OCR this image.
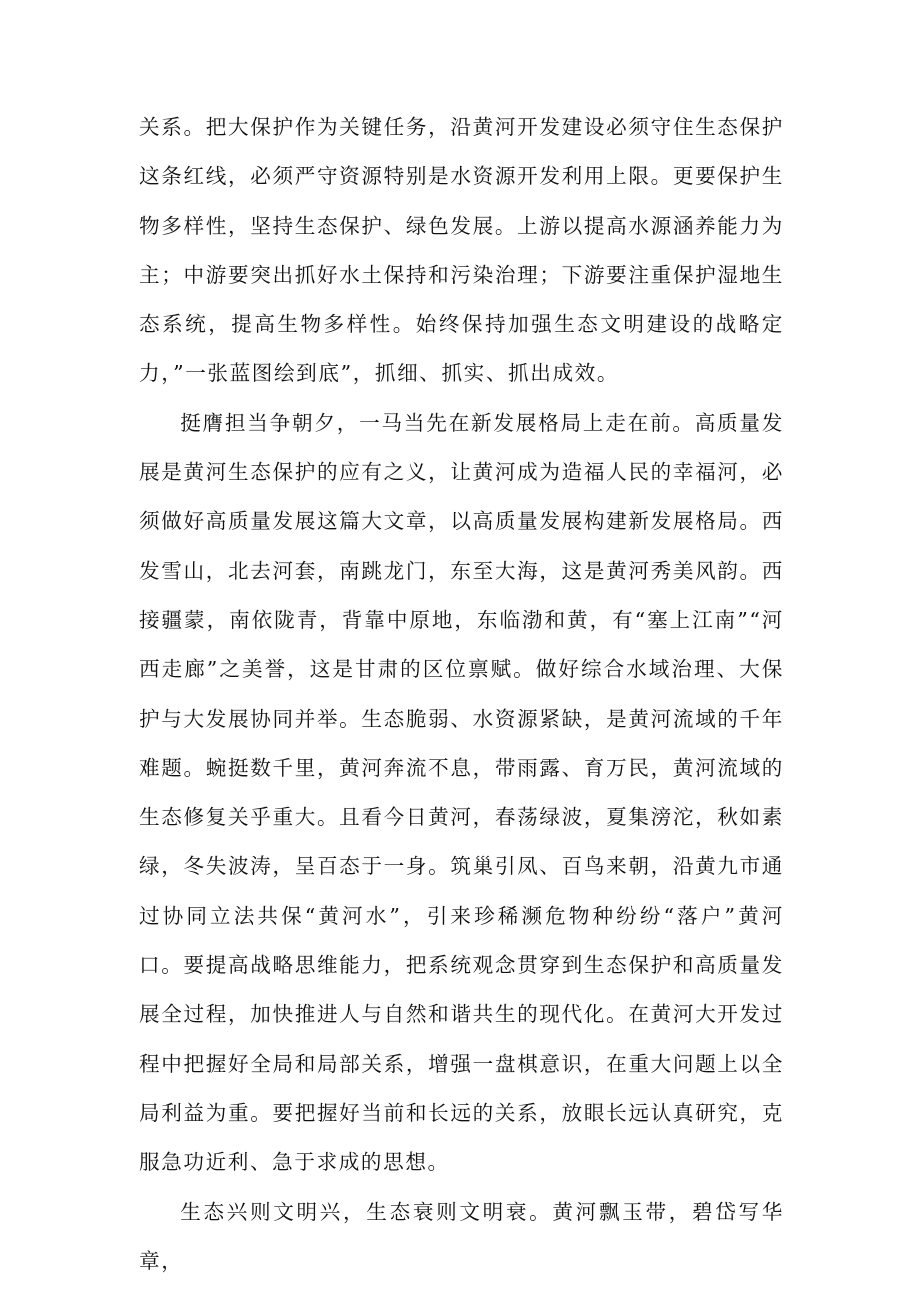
关系。把大保护作为关键任务，沿黄河开发建设必须守住生态保护这条红线，必须严守资源特别是水资源开发利用上限。更要保护生物多样性，坚持生态保护、绿色发展。上游以提高水源涵养能力为主；中游要突出抓好水土保持和污染治理；下游要注重保护湿地生态系统，提高生物多样性。始终保持加强生态文明建设的战略定力，”一张蓝图绘到底”，抓细、抓实、抓出成效。

挺膺担当争朝夕，一马当先在新发展格局上走在前。高质量发展是黄河生态保护的应有之义，让黄河成为造福人民的幸福河，必须做好高质量发展这篇大文章，以高质量发展构建新发展格局。西发雪山，北去河套，南跳龙门，东至大海，这是黄河秀美风韵。西接疆蒙，南依陇青，背靠中原地，东临渤和黄，有“塞上江南”“河西走廊”之美誉，这是甘肃的区位禀赋。做好综合水域治理、大保护与大发展协同并举。生态脆弱、水资源紧缺，是黄河流域的千年难题。蜿挺数千里，黄河奔流不息，带雨露、育万民，黄河流域的生态修复关乎重大。且看今日黄河，春荡绿波，夏集滂沱，秋如素绿，冬失波涛，呈百态于一身。筑巢引凤、百鸟来朝，沿黄九市通过协同立法共保“黄河水”，引来珍稀濒危物种纷纷“落户”黄河口。要提高战略思维能力，把系统观念贯穿到生态保护和高质量发展全过程，加快推进人与自然和谐共生的现代化。在黄河大开发过程中把握好全局和局部关系，增强一盘棋意识，在重大问题上以全局利益为重。要把握好当前和长远的关系，放眼长远认真研究，克服急功近利、急于求成的思想。

生态兴则文明兴，生态衰则文明衰。黄河飘玉带，碧岱写华章，
